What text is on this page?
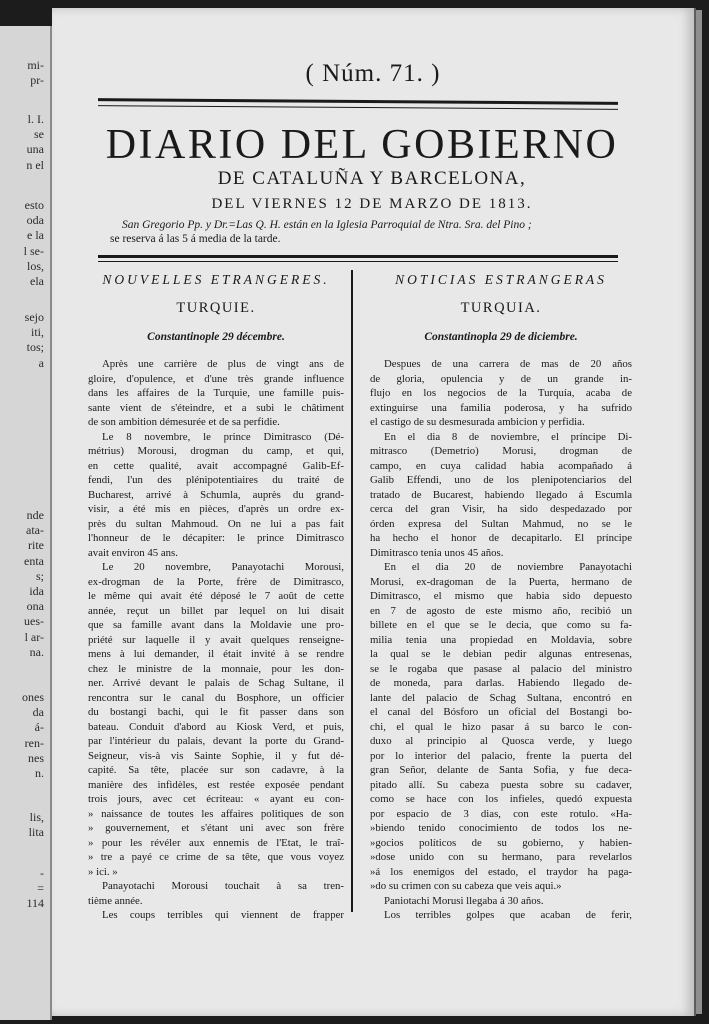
mi-
pr-
l. I.
se
una
n el
esto
oda
e la
l se-
los,
ela
sejo
iti,
tos;
a
nde
ata-
rite
enta
s;
ida
ona
ues-
l ar-
na.
ones
da
á-
ren-
nes
n.
lis,
lita
-
=
114
( Núm. 71. )
DIARIO DEL GOBIERNO
DE CATALUÑA Y BARCELONA,
DEL VIERNES 12 DE MARZO DE 1813.
San Gregorio Pp. y Dr.=Las Q. H. están en la Iglesia Parroquial de Ntra. Sra. del Pino ;
se reserva á las 5 á media de la tarde.
NOUVELLES ETRANGERES.
TURQUIE.
Constantinople 29 décembre.
Après une carrière de plus de vingt ans de
gloire, d'opulence, et d'une très grande influence
dans les affaires de la Turquie, une famille puis-
sante vient de s'éteindre, et a subi le châtiment
de son ambition démesurée et de sa perfidie.
Le 8 novembre, le prince Dimitrasco (Dé-
métrius) Morousi, drogman du camp, et qui,
en cette qualité, avait accompagné Galib-Ef-
fendi, l'un des plénipotentiaires du traité de
Bucharest, arrivé à Schumla, auprès du grand-
visir, a été mis en pièces, d'après un ordre ex-
près du sultan Mahmoud. On ne lui a pas fait
l'honneur de le décapiter: le prince Dimitrasco
avait environ 45 ans.
Le 20 novembre, Panayotachi Morousi,
ex-drogman de la Porte, frère de Dimitrasco,
le même qui avait été déposé le 7 août de cette
année, reçut un billet par lequel on lui disait
que sa famille avant dans la Moldavie une pro-
priété sur laquelle il y avait quelques renseigne-
mens à lui demander, il était invité à se rendre
chez le ministre de la monnaie, pour les don-
ner. Arrivé devant le palais de Schag Sultane, il
rencontra sur le canal du Bosphore, un officier
du bostangi bachi, qui le fit passer dans son
bateau. Conduit d'abord au Kiosk Verd, et puis,
par l'intérieur du palais, devant la porte du Grand-
Seigneur, vis-à vis Sainte Sophie, il y fut dé-
capité. Sa tête, placée sur son cadavre, à la
manière des infidèles, est restée exposée pendant
trois jours, avec cet écriteau: « ayant eu con-
» naissance de toutes les affaires politiques de son
» gouvernement, et s'étant uni avec son frère
» pour les révéler aux ennemis de l'Etat, le traî-
» tre a payé ce crime de sa tête, que vous voyez
» ici. »
Panayotachi Morousi touchait à sa tren-
tième année.
Les coups terribles qui viennent de frapper
NOTICIAS ESTRANGERAS
TURQUIA.
Constantinopla 29 de diciembre.
Despues de una carrera de mas de 20 años
de gloria, opulencia y de un grande in-
flujo en los negocios de la Turquía, acaba de
extinguirse una familia poderosa, y ha sufrido
el castigo de su desmesurada ambicion y perfidia.
En el dia 8 de noviembre, el príncipe Di-
mitrasco (Demetrio) Morusi, drogman de
campo, en cuya calidad habia acompañado á
Galib Effendi, uno de los plenipotenciarios del
tratado de Bucarest, habiendo llegado á Escumla
cerca del gran Visir, ha sido despedazado por
órden expresa del Sultan Mahmud, no se le
ha hecho el honor de decapitarlo. El príncipe
Dimitrasco tenia unos 45 años.
En el dia 20 de noviembre Panayotachi
Morusi, ex-dragoman de la Puerta, hermano de
Dimitrasco, el mismo que habia sido depuesto
en 7 de agosto de este mismo año, recibió un
billete en el que se le decia, que como su fa-
milia tenia una propiedad en Moldavia, sobre
la qual se le debian pedir algunas entresenas,
se le rogaba que pasase al palacio del ministro
de moneda, para darlas. Habiendo llegado de-
lante del palacio de Schag Sultana, encontró en
el canal del Bósforo un oficial del Bostangi bo-
chi, el qual le hizo pasar á su barco le con-
duxo al principio al Quosca verde, y luego
por lo interior del palacio, frente la puerta del
gran Señor, delante de Santa Sofia, y fue deca-
pitado allí. Su cabeza puesta sobre su cadaver,
como se hace con los infieles, quedó expuesta
por espacio de 3 dias, con este rotulo. «Ha-
»biendo tenido conocimiento de todos los ne-
»gocios políticos de su gobierno, y habien-
»dose unido con su hermano, para revelarlos
»á los enemigos del estado, el traydor ha paga-
»do su crimen con su cabeza que veis aqui.»
Paniotachi Morusi llegaba á 30 años.
Los terribles golpes que acaban de ferir,
